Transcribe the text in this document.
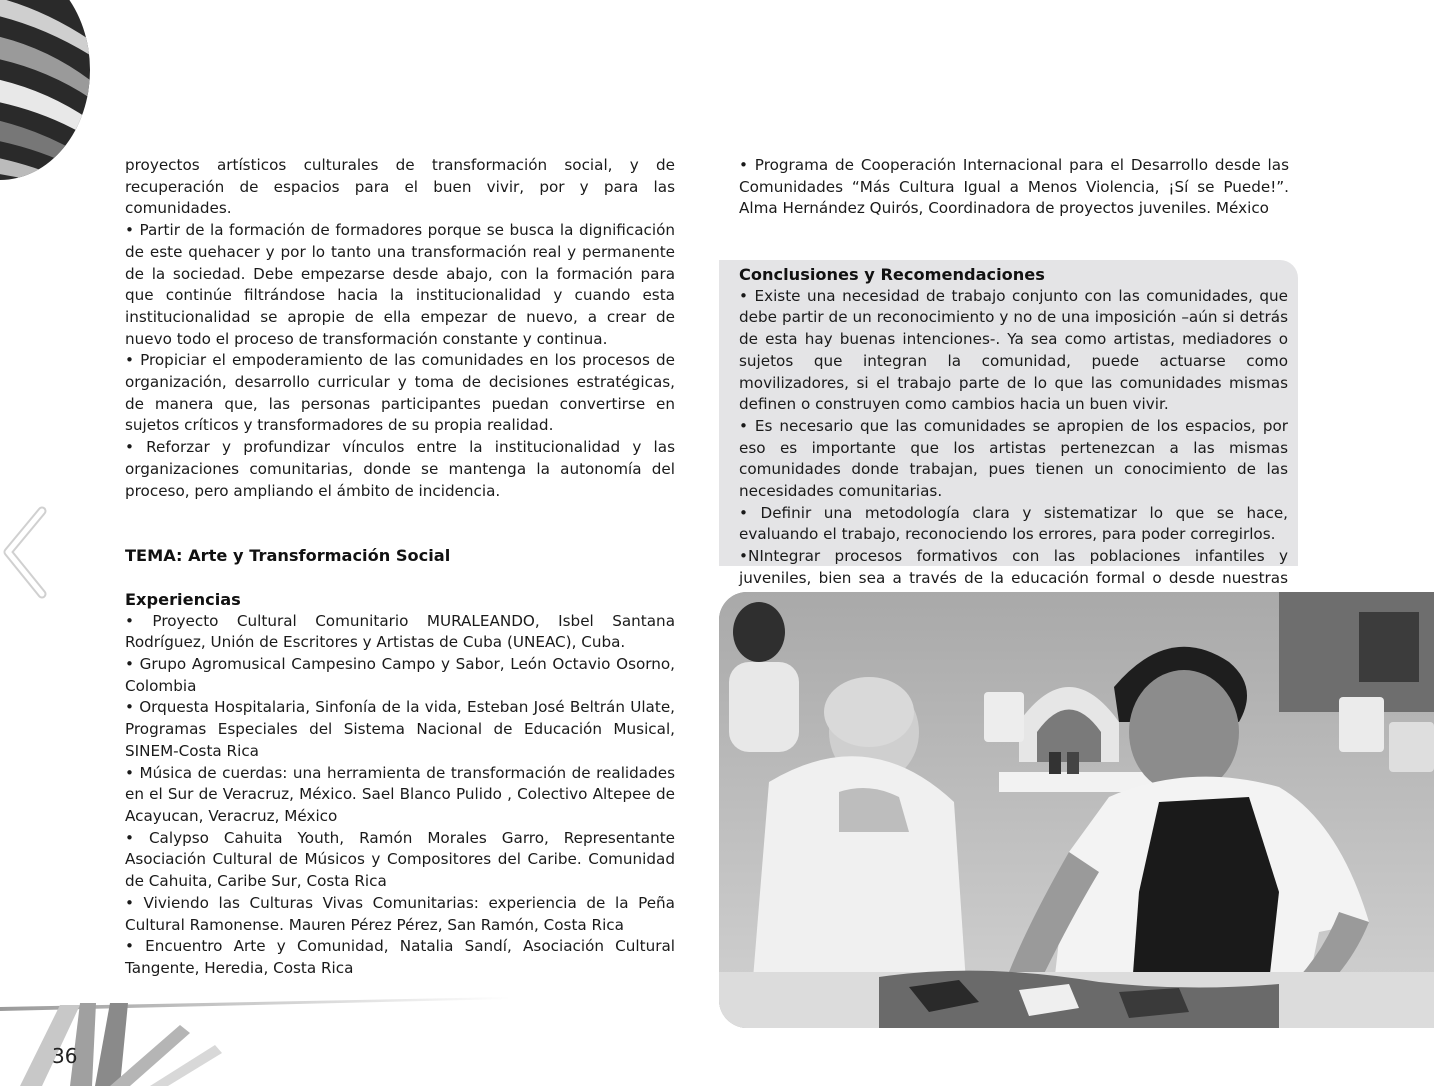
36

proyectos artísticos culturales de transformación social, y de recuperación de espacios para el buen vivir, por y para las comunidades.

• Partir de la formación de formadores porque se busca la dignificación de este quehacer y por lo tanto una transformación real y permanente de la sociedad. Debe empezarse desde abajo, con la formación para que continúe filtrándose hacia la institucionalidad y cuando esta institucionalidad se apropie de ella empezar de nuevo, a crear de nuevo todo el proceso de transformación constante y continua.

• Propiciar el empoderamiento de las comunidades en los procesos de organización, desarrollo curricular y toma de decisiones estratégicas, de manera que, las personas participantes puedan convertirse en sujetos críticos y transformadores de su propia realidad.

• Reforzar y profundizar vínculos entre la institucionalidad y las organizaciones comunitarias, donde se mantenga la autonomía del proceso, pero ampliando el ámbito de incidencia.

TEMA: Arte y Transformación Social

Experiencias

• Proyecto Cultural Comunitario MURALEANDO, Isbel Santana Rodríguez, Unión de Escritores y Artistas de Cuba (UNEAC), Cuba.

• Grupo Agromusical Campesino Campo y Sabor, León Octavio Osorno, Colombia

• Orquesta Hospitalaria, Sinfonía de la vida, Esteban José Beltrán Ulate, Programas Especiales del Sistema Nacional de Educación Musical, SINEM-Costa Rica

• Música de cuerdas: una herramienta de transformación de realidades en el Sur de Veracruz, México. Sael Blanco Pulido , Colectivo Altepee de Acayucan, Veracruz, México

• Calypso Cahuita Youth, Ramón Morales Garro, Representante Asociación Cultural de Músicos y Compositores del Caribe. Comunidad de Cahuita, Caribe Sur, Costa Rica

• Viviendo las Culturas Vivas Comunitarias: experiencia de la Peña Cultural Ramonense. Mauren Pérez Pérez, San Ramón, Costa Rica

• Encuentro Arte y Comunidad, Natalia Sandí, Asociación Cultural Tangente, Heredia, Costa Rica

• Programa de Cooperación Internacional para el Desarrollo desde las Comunidades “Más Cultura Igual a Menos Violencia, ¡Sí se Puede!”. Alma Hernández Quirós, Coordinadora de proyectos juveniles. México

Conclusiones y Recomendaciones

• Existe una necesidad de trabajo conjunto con las comunidades, que debe partir de un reconocimiento y no de una imposición –aún si detrás de esta hay buenas intenciones-. Ya sea como artistas, mediadores o sujetos que integran la comunidad, puede actuarse como movilizadores, si el trabajo parte de lo que las comunidades mismas definen o construyen como cambios hacia un buen vivir.

• Es necesario que las comunidades se apropien de los espacios, por eso es importante que los artistas pertenezcan a las mismas comunidades donde trabajan, pues tienen un conocimiento de las necesidades comunitarias.

• Definir una metodología clara y sistematizar lo que se hace, evaluando el trabajo, reconociendo los errores, para poder corregirlos.

•NIntegrar procesos formativos con las poblaciones infantiles y juveniles, bien sea a través de la educación formal o desde nuestras
